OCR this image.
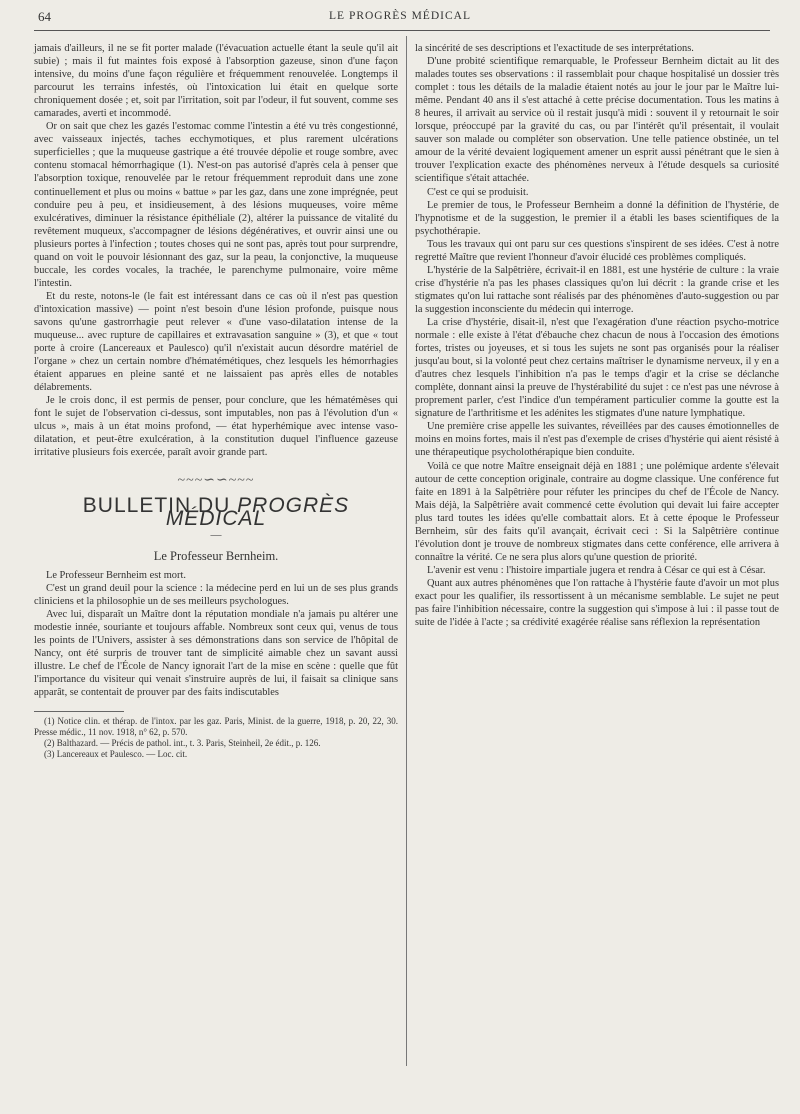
64	LE PROGRÈS MÉDICAL

jamais d'ailleurs, il ne se fit porter malade (l'évacuation actuelle étant la seule qu'il ait subie) ; mais il fut maintes fois exposé à l'absorption gazeuse, sinon d'une façon intensive, du moins d'une façon régulière et fréquemment renouvelée. Longtemps il parcourut les terrains infestés, où l'intoxication lui était en quelque sorte chroniquement dosée ; et, soit par l'irritation, soit par l'odeur, il fut souvent, comme ses camarades, averti et incommodé.

Or on sait que chez les gazés l'estomac comme l'intestin a été vu très congestionné, avec vaisseaux injectés, taches ecchymotiques, et plus rarement ulcérations superficielles ; que la muqueuse gastrique a été trouvée dépolie et rouge sombre, avec contenu stomacal hémorrhagique (1). N'est-on pas autorisé d'après cela à penser que l'absorption toxique, renouvelée par le retour fréquemment reproduit dans une zone continuellement et plus ou moins « battue » par les gaz, dans une zone imprégnée, peut conduire peu à peu, et insidieusement, à des lésions muqueuses, voire même exulcératives, diminuer la résistance épithéliale (2), altérer la puissance de vitalité du revêtement muqueux, s'accompagner de lésions dégénératives, et ouvrir ainsi une ou plusieurs portes à l'infection ; toutes choses qui ne sont pas, après tout pour surprendre, quand on voit le pouvoir lésionnant des gaz, sur la peau, la conjonctive, la muqueuse buccale, les cordes vocales, la trachée, le parenchyme pulmonaire, voire même l'intestin.

Et du reste, notons-le (le fait est intéressant dans ce cas où il n'est pas question d'intoxication massive) — point n'est besoin d'une lésion profonde, puisque nous savons qu'une gastrorrhagie peut relever « d'une vaso-dilatation intense de la muqueuse... avec rupture de capillaires et extravasation sanguine » (3), et que « tout porte à croire (Lancereaux et Paulesco) qu'il n'existait aucun désordre matériel de l'organe » chez un certain nombre d'hématémétiques, chez lesquels les hémorrhagies étaient apparues en pleine santé et ne laissaient pas après elles de notables délabrements.

Je le crois donc, il est permis de penser, pour conclure, que les hématémèses qui font le sujet de l'observation ci-dessus, sont imputables, non pas à l'évolution d'un « ulcus », mais à un état moins profond, — état hyperhémique avec intense vaso-dilatation, et peut-être exulcération, à la constitution duquel l'influence gazeuse irritative plusieurs fois exercée, paraît avoir grande part.

~~~∽∽~~~
BULLETIN DU PROGRÈS MÉDICAL
—
Le Professeur Bernheim.

Le Professeur Bernheim est mort.

C'est un grand deuil pour la science : la médecine perd en lui un de ses plus grands cliniciens et la philosophie un de ses meilleurs psychologues.

Avec lui, disparaît un Maître dont la réputation mondiale n'a jamais pu altérer une modestie innée, souriante et toujours affable. Nombreux sont ceux qui, venus de tous les points de l'Univers, assister à ses démonstrations dans son service de l'hôpital de Nancy, ont été surpris de trouver tant de simplicité aimable chez un savant aussi illustre. Le chef de l'École de Nancy ignorait l'art de la mise en scène : quelle que fût l'importance du visiteur qui venait s'instruire auprès de lui, il faisait sa clinique sans apparât, se contentait de prouver par des faits indiscutables

(1) Notice clin. et thérap. de l'intox. par les gaz. Paris, Minist. de la guerre, 1918, p. 20, 22, 30. Presse médic., 11 nov. 1918, n° 62, p. 570.
(2) Balthazard. — Précis de pathol. int., t. 3. Paris, Steinheil, 2e édit., p. 126.
(3) Lancereaux et Paulesco. — Loc. cit.

la sincérité de ses descriptions et l'exactitude de ses interprétations.

D'une probité scientifique remarquable, le Professeur Bernheim dictait au lit des malades toutes ses observations : il rassemblait pour chaque hospitalisé un dossier très complet : tous les détails de la maladie étaient notés au jour le jour par le Maître lui-même. Pendant 40 ans il s'est attaché à cette précise documentation. Tous les matins à 8 heures, il arrivait au service où il restait jusqu'à midi : souvent il y retournait le soir lorsque, préoccupé par la gravité du cas, ou par l'intérêt qu'il présentait, il voulait sauver son malade ou compléter son observation. Une telle patience obstinée, un tel amour de la vérité devaient logiquement amener un esprit aussi pénétrant que le sien à trouver l'explication exacte des phénomènes nerveux à l'étude desquels sa curiosité scientifique s'était attachée.

C'est ce qui se produisit.

Le premier de tous, le Professeur Bernheim a donné la définition de l'hystérie, de l'hypnotisme et de la suggestion, le premier il a établi les bases scientifiques de la psychothérapie.

Tous les travaux qui ont paru sur ces questions s'inspirent de ses idées. C'est à notre regretté Maître que revient l'honneur d'avoir élucidé ces problèmes compliqués.

L'hystérie de la Salpêtrière, écrivait-il en 1881, est une hystérie de culture : la vraie crise d'hystérie n'a pas les phases classiques qu'on lui décrit : la grande crise et les stigmates qu'on lui rattache sont réalisés par des phénomènes d'auto-suggestion ou par la suggestion inconsciente du médecin qui interroge.

La crise d'hystérie, disait-il, n'est que l'exagération d'une réaction psycho-motrice normale : elle existe à l'état d'ébauche chez chacun de nous à l'occasion des émotions fortes, tristes ou joyeuses, et si tous les sujets ne sont pas organisés pour la réaliser jusqu'au bout, si la volonté peut chez certains maîtriser le dynamisme nerveux, il y en a d'autres chez lesquels l'inhibition n'a pas le temps d'agir et la crise se déclanche complète, donnant ainsi la preuve de l'hystérabilité du sujet : ce n'est pas une névrose à proprement parler, c'est l'indice d'un tempérament particulier comme la goutte est la signature de l'arthritisme et les adénites les stigmates d'une nature lymphatique.

Une première crise appelle les suivantes, réveillées par des causes émotionnelles de moins en moins fortes, mais il n'est pas d'exemple de crises d'hystérie qui aient résisté à une thérapeutique psycholothérapique bien conduite.

Voilà ce que notre Maître enseignait déjà en 1881 ; une polémique ardente s'élevait autour de cette conception originale, contraire au dogme classique. Une conférence fut faite en 1891 à la Salpêtrière pour réfuter les principes du chef de l'École de Nancy. Mais déjà, la Salpêtrière avait commencé cette évolution qui devait lui faire accepter plus tard toutes les idées qu'elle combattait alors. Et à cette époque le Professeur Bernheim, sûr des faits qu'il avançait, écrivait ceci : Si la Salpêtrière continue l'évolution dont je trouve de nombreux stigmates dans cette conférence, elle arrivera à connaître la vérité. Ce ne sera plus alors qu'une question de priorité.

L'avenir est venu : l'histoire impartiale jugera et rendra à César ce qui est à César.

Quant aux autres phénomènes que l'on rattache à l'hystérie faute d'avoir un mot plus exact pour les qualifier, ils ressortissent à un mécanisme semblable. Le sujet ne peut pas faire l'inhibition nécessaire, contre la suggestion qui s'impose à lui : il passe tout de suite de l'idée à l'acte ; sa crédivité exagérée réalise sans réflexion la représentation
